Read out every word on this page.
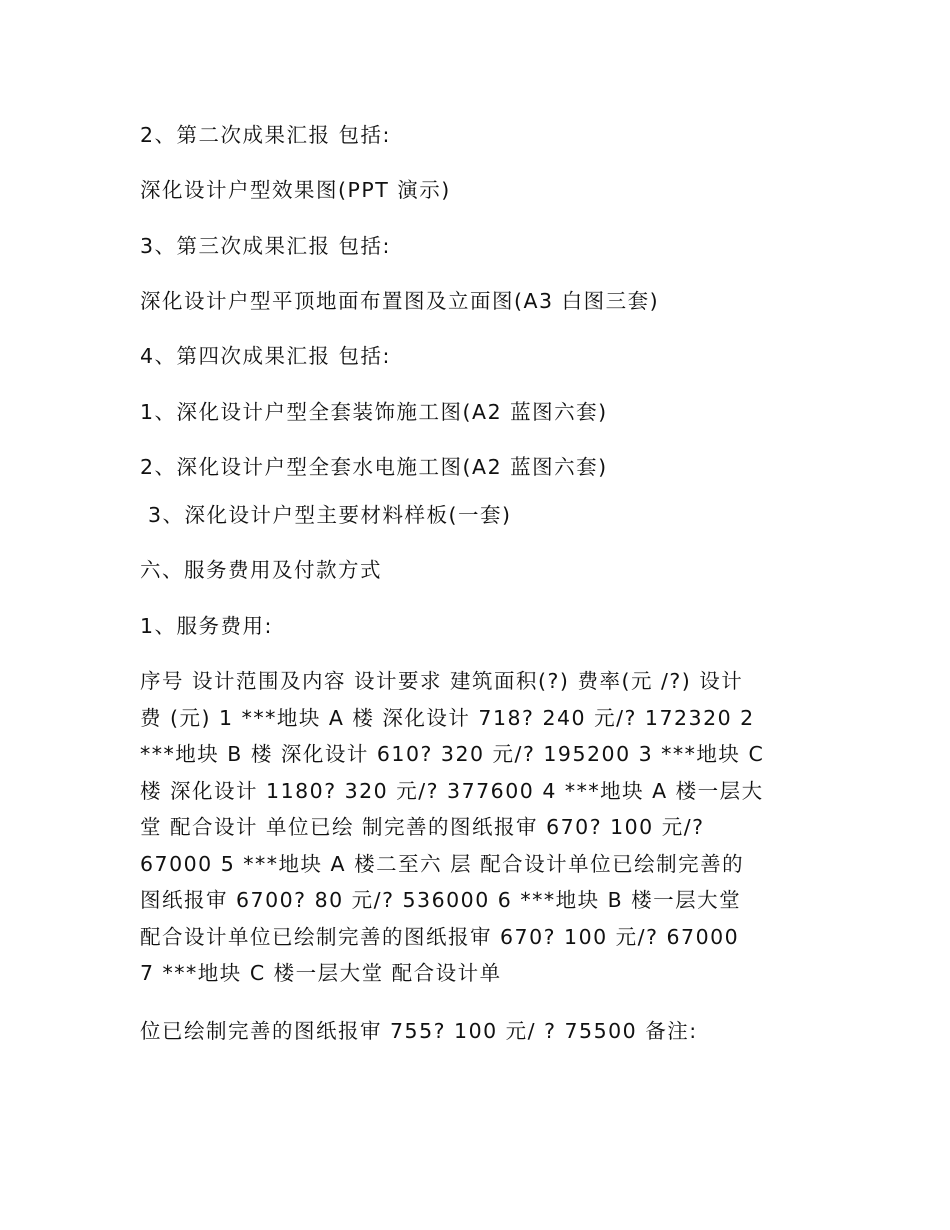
2、第二次成果汇报 包括:
深化设计户型效果图(PPT 演示)
3、第三次成果汇报 包括:
深化设计户型平顶地面布置图及立面图(A3 白图三套)
4、第四次成果汇报 包括:
1、深化设计户型全套装饰施工图(A2 蓝图六套)
2、深化设计户型全套水电施工图(A2 蓝图六套)
3、深化设计户型主要材料样板(一套)
六、服务费用及付款方式
1、服务费用:
序号 设计范围及内容 设计要求 建筑面积(?) 费率(元 /?) 设计
费 (元) 1 ***地块 A 楼 深化设计 718? 240 元/? 172320 2
***地块 B 楼 深化设计 610? 320 元/? 195200 3 ***地块 C
楼 深化设计 1180? 320 元/? 377600 4 ***地块 A 楼一层大
堂 配合设计 单位已绘 制完善的图纸报审 670? 100 元/?
67000 5 ***地块 A 楼二至六 层 配合设计单位已绘制完善的
图纸报审 6700? 80 元/? 536000 6 ***地块 B 楼一层大堂
配合设计单位已绘制完善的图纸报审 670? 100 元/? 67000
7 ***地块 C 楼一层大堂 配合设计单
位已绘制完善的图纸报审 755? 100 元/ ? 75500 备注:
